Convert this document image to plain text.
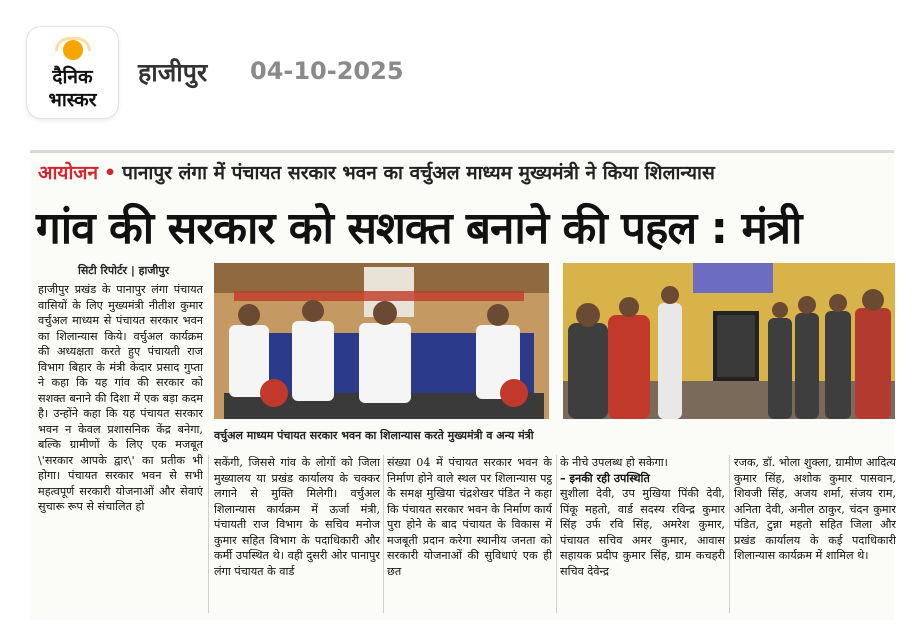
दैनिक
भास्कर
हाजीपुर 04-10-2025
आयोजन • पानापुर लंगा में पंचायत सरकार भवन का वर्चुअल माध्यम मुख्यमंत्री ने किया शिलान्यास
गांव की सरकार को सशक्त बनाने की पहल : मंत्री
सिटी रिपोर्टर | हाजीपुर
वर्चुअल माध्यम पंचायत सरकार भवन का शिलान्यास करते मुख्यमंत्री व अन्य मंत्री
हाजीपुर प्रखंड के पानापुर लंगा पंचायत वासियों के लिए मुख्यमंत्री नीतीश कुमार वर्चुअल माध्यम से पंचायत सरकार भवन का शिलान्यास किये। वर्चुअल कार्यक्रम की अध्यक्षता करते हुए पंचायती राज विभाग बिहार के मंत्री केदार प्रसाद गुप्ता ने कहा कि यह गांव की सरकार को सशक्त बनाने की दिशा में एक बड़ा कदम है। उन्होंने कहा कि यह पंचायत सरकार भवन न केवल प्रशासनिक केंद्र बनेगा, बल्कि ग्रामीणों के लिए एक मजबूत \'सरकार आपके द्वार\' का प्रतीक भी होगा। पंचायत सरकार भवन से सभी महत्वपूर्ण सरकारी योजनाओं और सेवाएं सुचारू रूप से संचालित हो
सकेंगी, जिससे गांव के लोगों को जिला मुख्यालय या प्रखंड कार्यालय के चक्कर लगाने से मुक्ति मिलेगी। वर्चुअल शिलान्यास कार्यक्रम में ऊर्जा मंत्री, पंचायती राज विभाग के सचिव मनोज कुमार सहित विभाग के पदाधिकारी और कर्मी उपस्थित थे। वही दुसरी ओर पानापुर लंगा पंचायत के वार्ड
संख्या 04 में पंचायत सरकार भवन के निर्माण होने वाले स्थल पर शिलान्यास पट्ठ के समक्ष मुखिया चंद्रशेखर पंडित ने कहा कि पंचायत सरकार भवन के निर्माण कार्य पुरा होने के बाद पंचायत के विकास में मजबूती प्रदान करेगा स्थानीय जनता को सरकारी योजनाओं की सुविधाएं एक ही छत
के नीचे उपलब्ध हो सकेगा।
– इनकी रही उपस्थिति
सुशीला देवी, उप मुखिया पिंकी देवी, पिंकू महतो, वार्ड सदस्य रविन्द्र कुमार सिंह उर्फ रवि सिंह, अमरेश कुमार, पंचायत सचिव अमर कुमार, आवास सहायक प्रदीप कुमार सिंह, ग्राम कचहरी सचिव देवेन्द्र
रजक, डॉ. भोला शुक्ला, ग्रामीण आदित्य कुमार सिंह, अशोक कुमार पासवान, शिवजी सिंह, अजय शर्मा, संजय राम, अनिता देवी, अनील ठाकुर, चंदन कुमार पंडित, टुन्ना महतो सहित जिला और प्रखंड कार्यालय के कई पदाधिकारी शिलान्यास कार्यक्रम में शामिल थे।
